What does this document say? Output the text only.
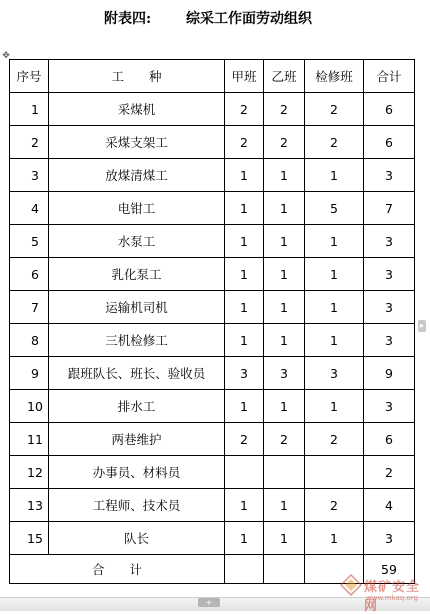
附表四: 综采工作面劳动组织
✥
序号	工　　种	甲班	乙班	检修班	合计
1	采煤机	2	2	2	6
2	采煤支架工	2	2	2	6
3	放煤清煤工	1	1	1	3
4	电钳工	1	1	5	7
5	水泵工	1	1	1	3
6	乳化泵工	1	1	1	3
7	运输机司机	1	1	1	3
8	三机检修工	1	1	1	3
9	跟班队长、班长、验收员	3	3	3	9
10	排水工	1	1	1	3
11	两巷维护	2	2	2	6
12	办事员、材料员				2
13	工程师、技术员	1	1	2	4
15	队长	1	1	1	3
合　　计					59
▸
+
煤矿安全网
www.mkaq.org
